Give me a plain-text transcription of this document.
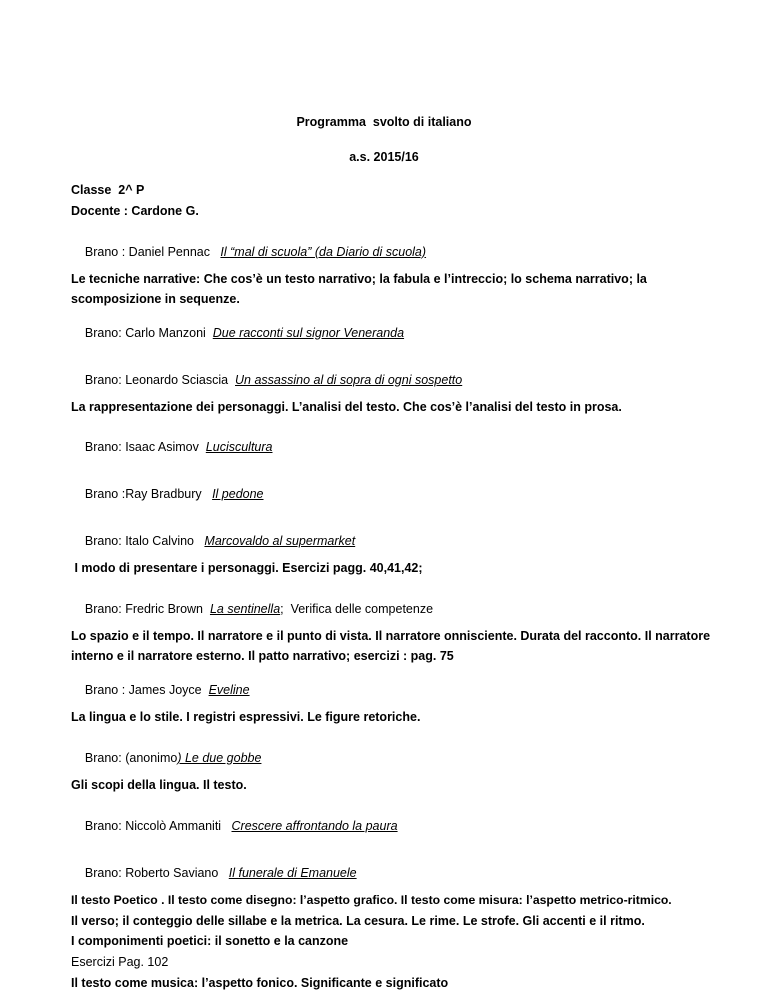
Programma  svolto di italiano
a.s. 2015/16
Classe  2^ P
Docente : Cardone G.

Brano : Daniel Pennac   Il “mal di scuola” (da Diario di scuola)

Le tecniche narrative: Che cos’è un testo narrativo; la fabula e l’intreccio; lo schema narrativo; la scomposizione in sequenze.

Brano: Carlo Manzoni  Due racconti sul signor Veneranda

Brano: Leonardo Sciascia  Un assassino al di sopra di ogni sospetto

La rappresentazione dei personaggi. L’analisi del testo. Che cos’è l’analisi del testo in prosa.

Brano: Isaac Asimov  Luciscultura

Brano :Ray Bradbury   Il pedone

Brano: Italo Calvino   Marcovaldo al supermarket

I modo di presentare i personaggi. Esercizi pagg. 40,41,42;

Brano: Fredric Brown  La sentinella;  Verifica delle competenze

Lo spazio e il tempo. Il narratore e il punto di vista. Il narratore onnisciente. Durata del racconto. Il narratore interno e il narratore esterno. Il patto narrativo; esercizi : pag. 75

Brano : James Joyce  Eveline

La lingua e lo stile. I registri espressivi. Le figure retoriche.

Brano: (anonimo) Le due gobbe

Gli scopi della lingua. Il testo.

Brano: Niccolò Ammaniti   Crescere affrontando la paura

Brano: Roberto Saviano   Il funerale di Emanuele

Il testo Poetico . Il testo come disegno: l’aspetto grafico. Il testo come misura: l’aspetto metrico-ritmico.
Il verso; il conteggio delle sillabe e la metrica. La cesura. Le rime. Le strofe. Gli accenti e il ritmo.
I componimenti poetici: il sonetto e la canzone
Esercizi Pag. 102
Il testo come musica: l’aspetto fonico. Significante e significato
